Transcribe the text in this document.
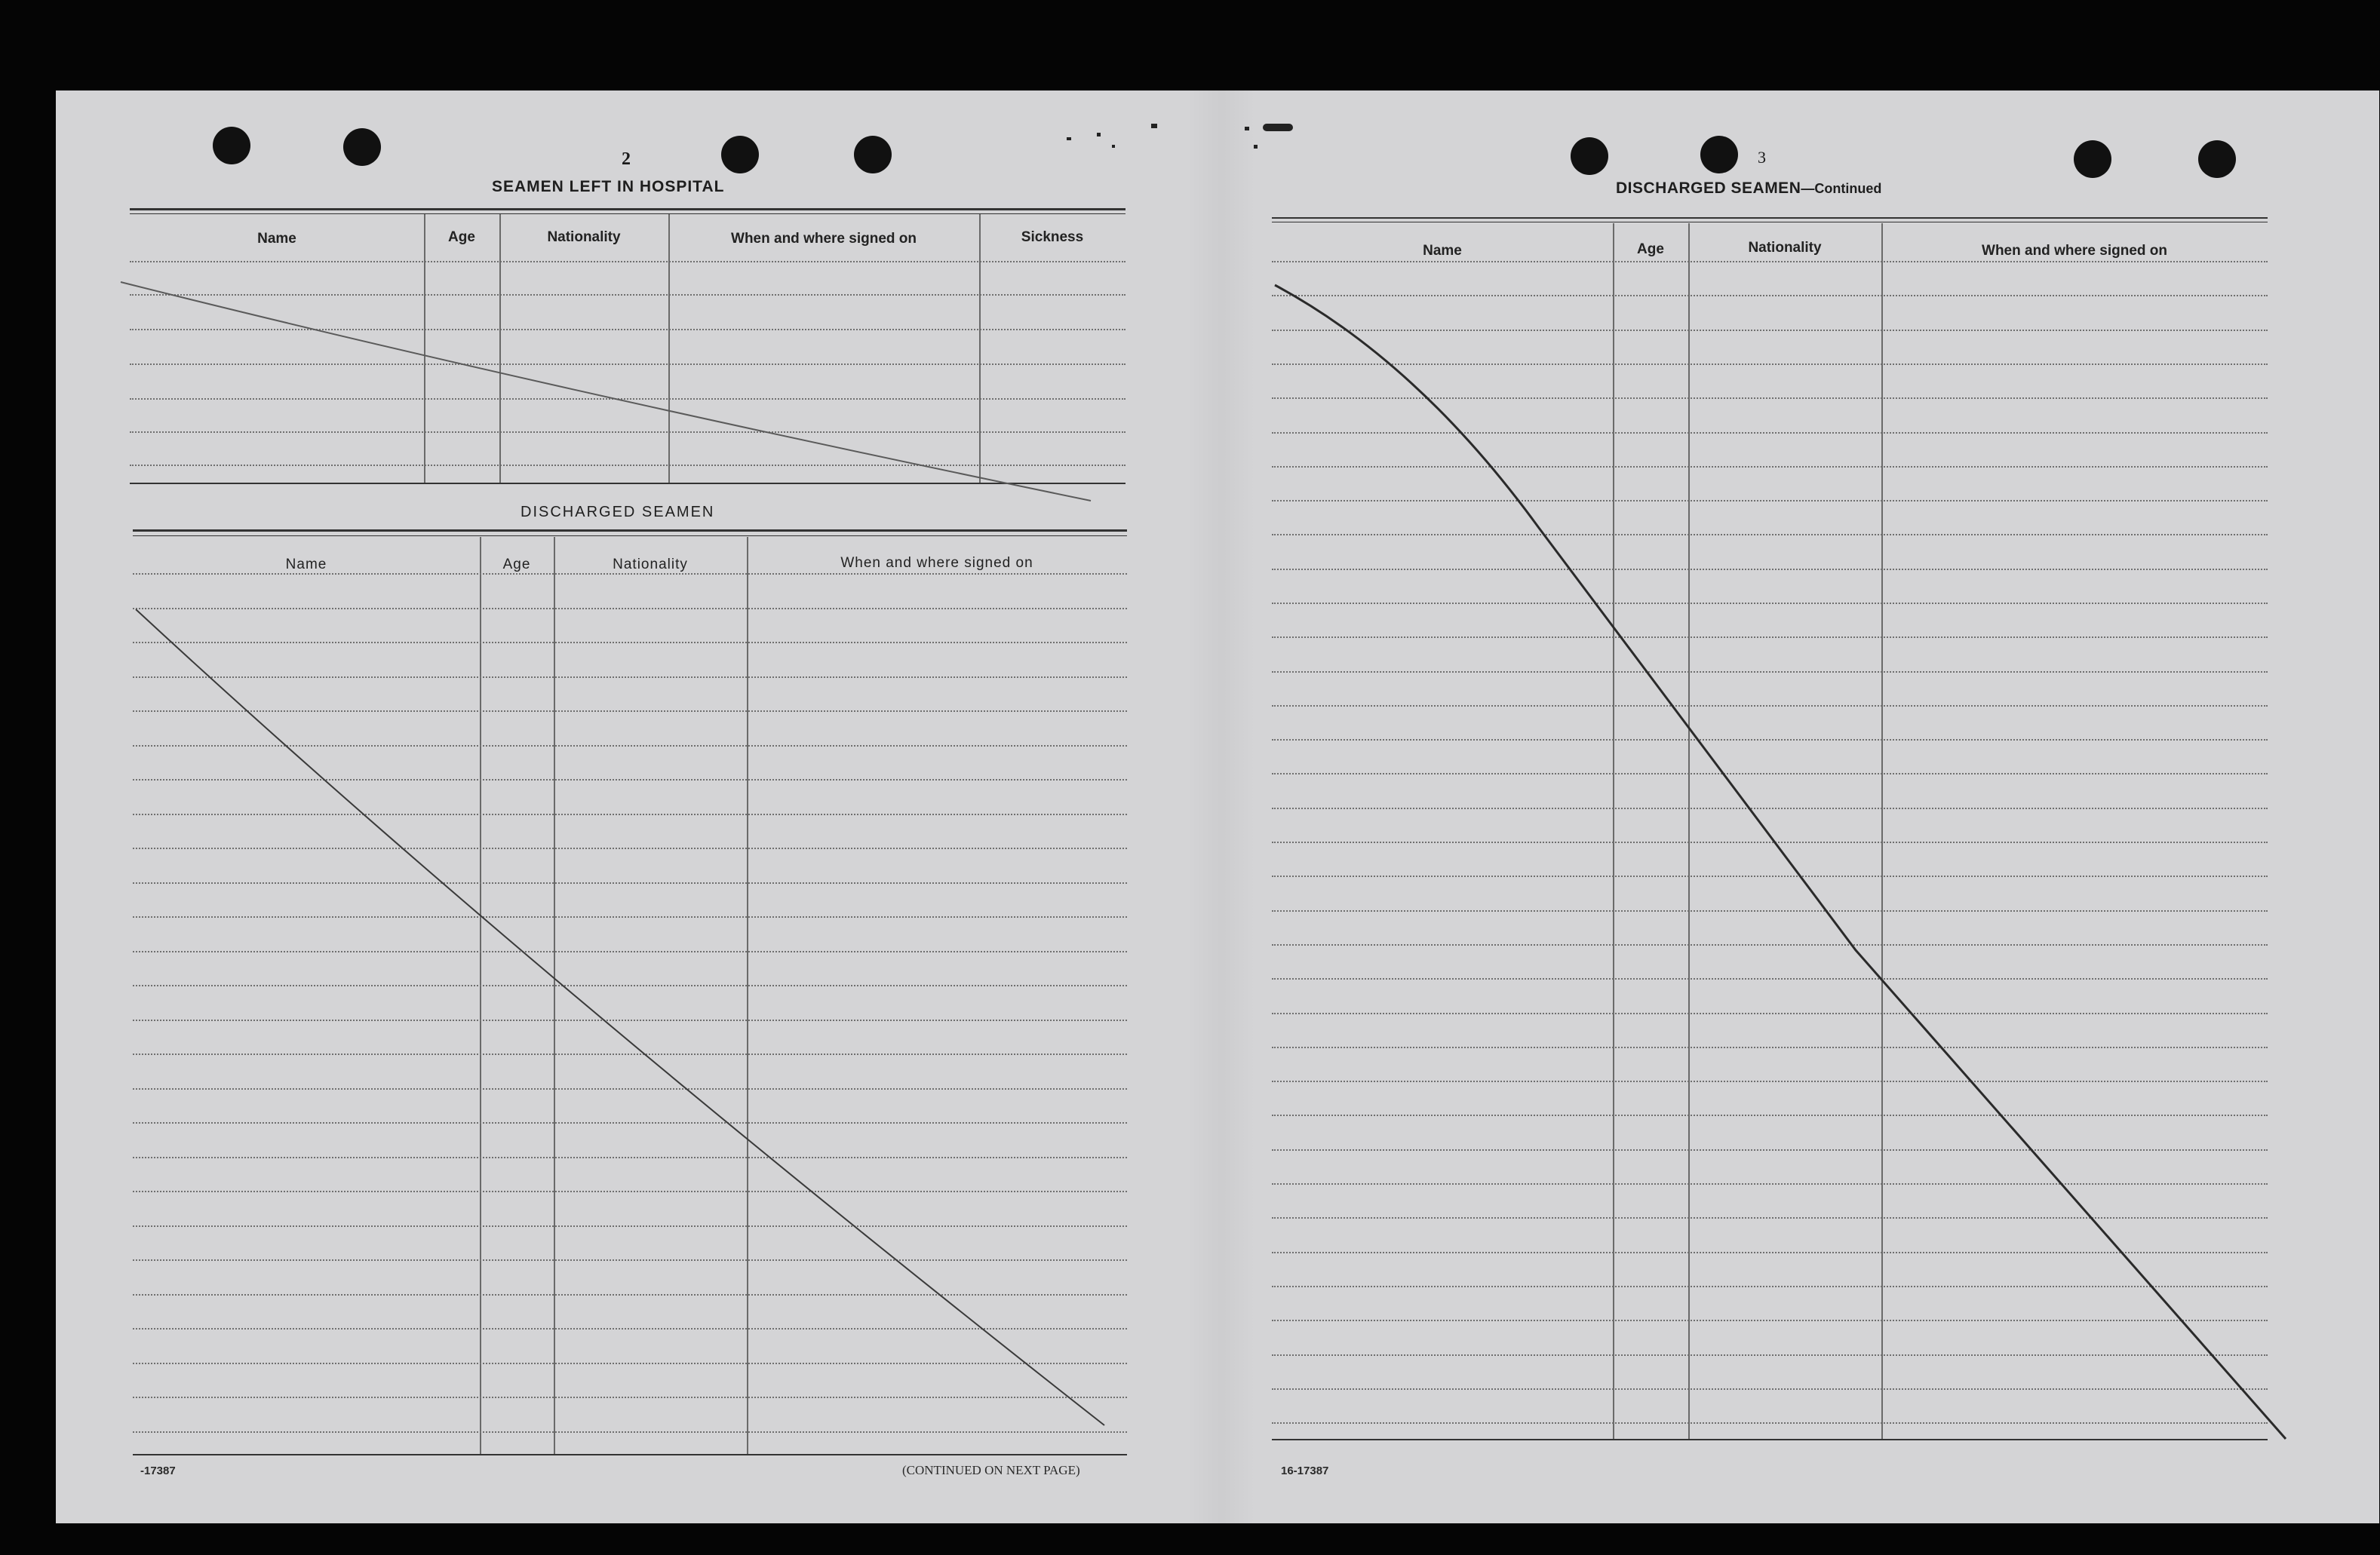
2
SEAMEN LEFT IN HOSPITAL
Name	Age	Nationality	When and where signed on	Sickness
DISCHARGED SEAMEN
Name	Age	Nationality	When and where signed on
-17387	(CONTINUED ON NEXT PAGE)
3
DISCHARGED SEAMEN—Continued
Name	Age	Nationality	When and where signed on
16-17387
